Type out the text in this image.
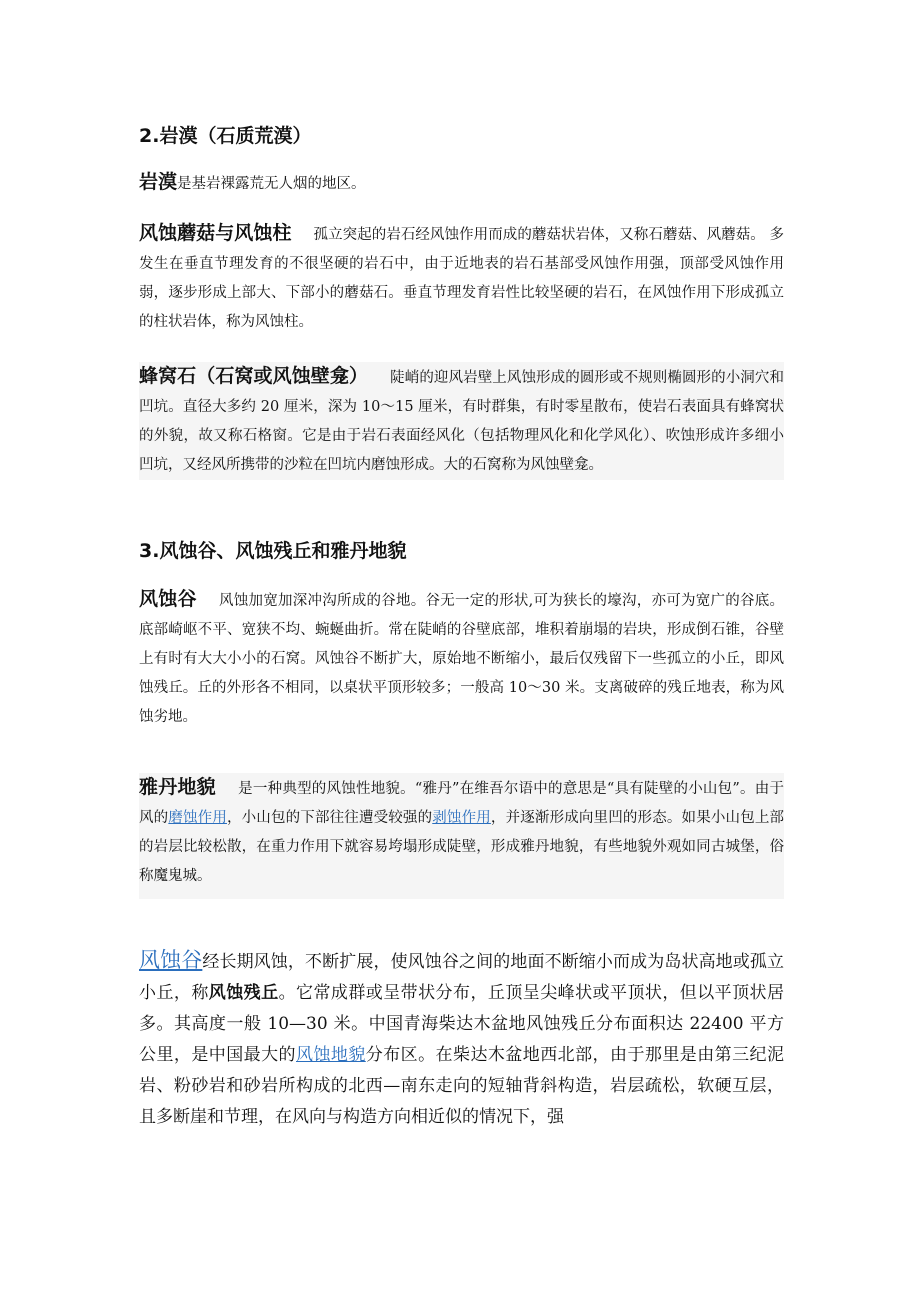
2.岩漠（石质荒漠）
岩漠是基岩裸露荒无人烟的地区。
风蚀蘑菇与风蚀柱 孤立突起的岩石经风蚀作用而成的蘑菇状岩体，又称石蘑菇、风蘑菇。 多发生在垂直节理发育的不很坚硬的岩石中，由于近地表的岩石基部受风蚀作用强，顶部受风蚀作用弱，逐步形成上部大、下部小的蘑菇石。垂直节理发育岩性比较坚硬的岩石，在风蚀作用下形成孤立的柱状岩体，称为风蚀柱。
蜂窝石（石窝或风蚀壁龛） 陡峭的迎风岩壁上风蚀形成的圆形或不规则椭圆形的小洞穴和凹坑。直径大多约 20 厘米，深为 10～15 厘米，有时群集，有时零星散布，使岩石表面具有蜂窝状的外貌，故又称石格窗。它是由于岩石表面经风化（包括物理风化和化学风化）、吹蚀形成许多细小凹坑，又经风所携带的沙粒在凹坑内磨蚀形成。大的石窝称为风蚀壁龛。
3.风蚀谷、风蚀残丘和雅丹地貌
风蚀谷 风蚀加宽加深冲沟所成的谷地。谷无一定的形状,可为狭长的壕沟，亦可为宽广的谷底。底部崎岖不平、宽狭不均、蜿蜒曲折。常在陡峭的谷壁底部，堆积着崩塌的岩块，形成倒石锥，谷壁上有时有大大小小的石窝。风蚀谷不断扩大，原始地不断缩小，最后仅残留下一些孤立的小丘，即风蚀残丘。丘的外形各不相同，以桌状平顶形较多；一般高 10～30 米。支离破碎的残丘地表，称为风蚀劣地。
雅丹地貌 是一种典型的风蚀性地貌。“雅丹”在维吾尔语中的意思是“具有陡壁的小山包”。由于风的磨蚀作用，小山包的下部往往遭受较强的剥蚀作用，并逐渐形成向里凹的形态。如果小山包上部的岩层比较松散，在重力作用下就容易垮塌形成陡壁，形成雅丹地貌，有些地貌外观如同古城堡，俗称魔鬼城。
风蚀谷经长期风蚀，不断扩展，使风蚀谷之间的地面不断缩小而成为岛状高地或孤立小丘，称风蚀残丘。它常成群或呈带状分布，丘顶呈尖峰状或平顶状，但以平顶状居多。其高度一般 10—30 米。中国青海柴达木盆地风蚀残丘分布面积达 22400 平方公里，是中国最大的风蚀地貌分布区。在柴达木盆地西北部，由于那里是由第三纪泥岩、粉砂岩和砂岩所构成的北西—南东走向的短轴背斜构造，岩层疏松，软硬互层，且多断崖和节理，在风向与构造方向相近似的情况下，强
